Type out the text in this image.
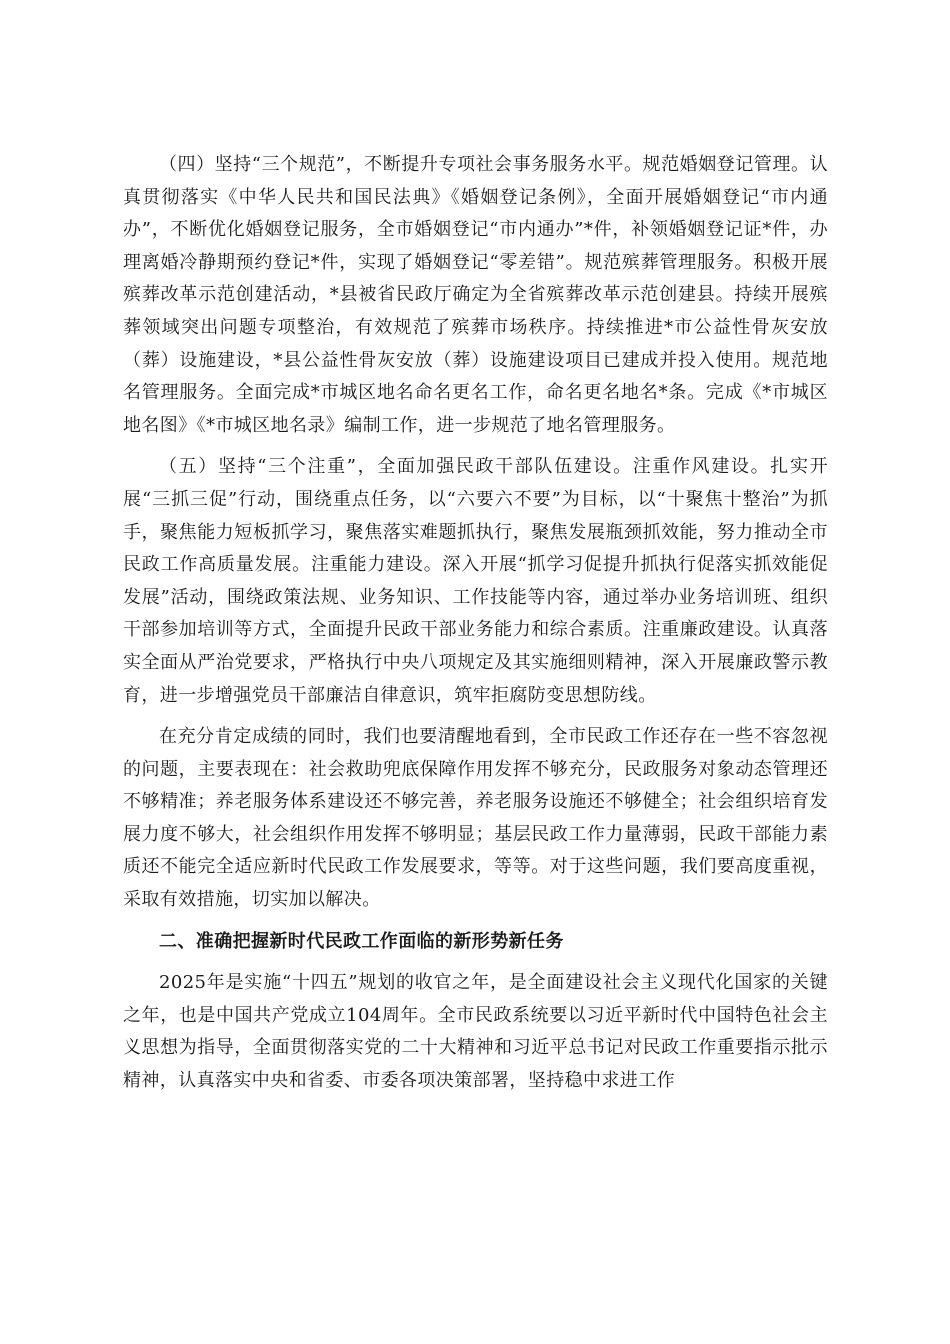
（四）坚持“三个规范”，不断提升专项社会事务服务水平。规范婚姻登记管理。认真贯彻落实《中华人民共和国民法典》《婚姻登记条例》，全面开展婚姻登记“市内通办”，不断优化婚姻登记服务，全市婚姻登记“市内通办”*件，补领婚姻登记证*件，办理离婚冷静期预约登记*件，实现了婚姻登记“零差错”。规范殡葬管理服务。积极开展殡葬改革示范创建活动，*县被省民政厅确定为全省殡葬改革示范创建县。持续开展殡葬领域突出问题专项整治，有效规范了殡葬市场秩序。持续推进*市公益性骨灰安放（葬）设施建设，*县公益性骨灰安放（葬）设施建设项目已建成并投入使用。规范地名管理服务。全面完成*市城区地名命名更名工作，命名更名地名*条。完成《*市城区地名图》《*市城区地名录》编制工作，进一步规范了地名管理服务。

（五）坚持“三个注重”，全面加强民政干部队伍建设。注重作风建设。扎实开展“三抓三促”行动，围绕重点任务，以“六要六不要”为目标，以“十聚焦十整治”为抓手，聚焦能力短板抓学习，聚焦落实难题抓执行，聚焦发展瓶颈抓效能，努力推动全市民政工作高质量发展。注重能力建设。深入开展“抓学习促提升抓执行促落实抓效能促发展”活动，围绕政策法规、业务知识、工作技能等内容，通过举办业务培训班、组织干部参加培训等方式，全面提升民政干部业务能力和综合素质。注重廉政建设。认真落实全面从严治党要求，严格执行中央八项规定及其实施细则精神，深入开展廉政警示教育，进一步增强党员干部廉洁自律意识，筑牢拒腐防变思想防线。

在充分肯定成绩的同时，我们也要清醒地看到，全市民政工作还存在一些不容忽视的问题，主要表现在：社会救助兜底保障作用发挥不够充分，民政服务对象动态管理还不够精准；养老服务体系建设还不够完善，养老服务设施还不够健全；社会组织培育发展力度不够大，社会组织作用发挥不够明显；基层民政工作力量薄弱，民政干部能力素质还不能完全适应新时代民政工作发展要求，等等。对于这些问题，我们要高度重视，采取有效措施，切实加以解决。

二、准确把握新时代民政工作面临的新形势新任务

2025年是实施“十四五”规划的收官之年，是全面建设社会主义现代化国家的关键之年，也是中国共产党成立104周年。全市民政系统要以习近平新时代中国特色社会主义思想为指导，全面贯彻落实党的二十大精神和习近平总书记对民政工作重要指示批示精神，认真落实中央和省委、市委各项决策部署，坚持稳中求进工作
